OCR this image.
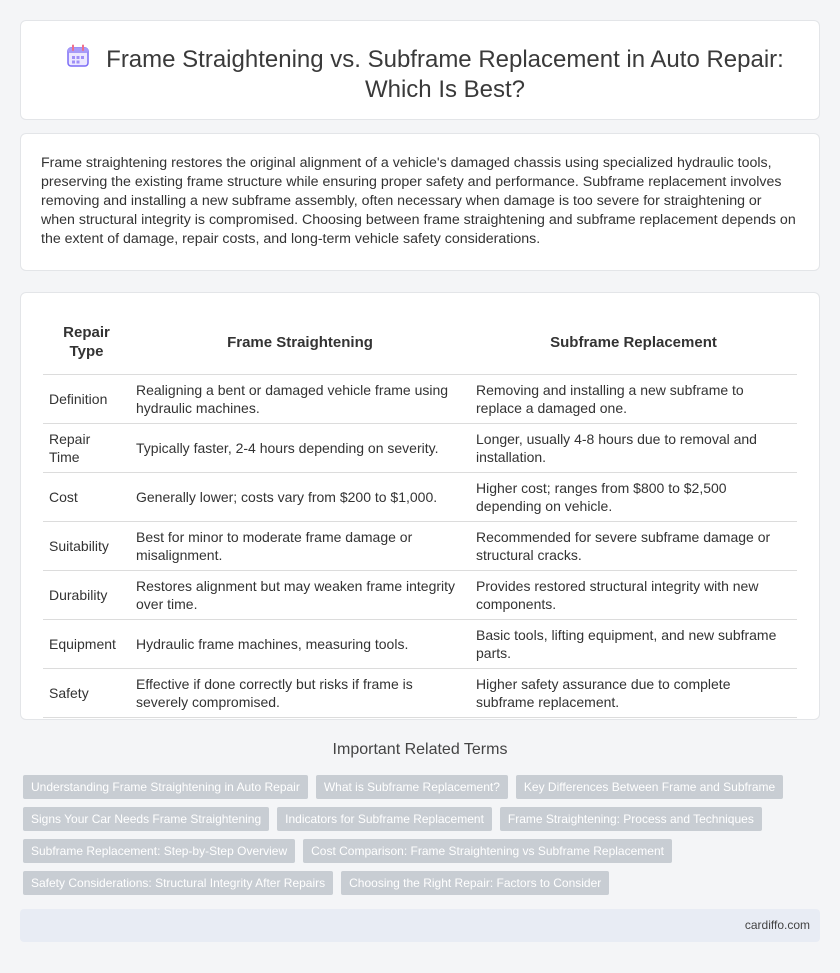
Frame Straightening vs. Subframe Replacement in Auto Repair: Which Is Best?

Frame straightening restores the original alignment of a vehicle's damaged chassis using specialized hydraulic tools, preserving the existing frame structure while ensuring proper safety and performance. Subframe replacement involves removing and installing a new subframe assembly, often necessary when damage is too severe for straightening or when structural integrity is compromised. Choosing between frame straightening and subframe replacement depends on the extent of damage, repair costs, and long-term vehicle safety considerations.

Repair Type	Frame Straightening	Subframe Replacement
Definition	Realigning a bent or damaged vehicle frame using hydraulic machines.	Removing and installing a new subframe to replace a damaged one.
Repair Time	Typically faster, 2-4 hours depending on severity.	Longer, usually 4-8 hours due to removal and installation.
Cost	Generally lower; costs vary from $200 to $1,000.	Higher cost; ranges from $800 to $2,500 depending on vehicle.
Suitability	Best for minor to moderate frame damage or misalignment.	Recommended for severe subframe damage or structural cracks.
Durability	Restores alignment but may weaken frame integrity over time.	Provides restored structural integrity with new components.
Equipment	Hydraulic frame machines, measuring tools.	Basic tools, lifting equipment, and new subframe parts.
Safety	Effective if done correctly but risks if frame is severely compromised.	Higher safety assurance due to complete subframe replacement.
Important Related Terms
Understanding Frame Straightening in Auto Repair	What is Subframe Replacement?	Key Differences Between Frame and Subframe
Signs Your Car Needs Frame Straightening	Indicators for Subframe Replacement	Frame Straightening: Process and Techniques
Subframe Replacement: Step-by-Step Overview	Cost Comparison: Frame Straightening vs Subframe Replacement
Safety Considerations: Structural Integrity After Repairs	Choosing the Right Repair: Factors to Consider
cardiffo.com
